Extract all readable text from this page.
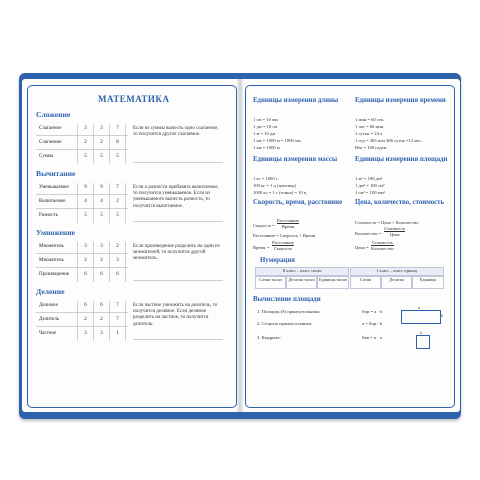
МАТЕМАТИКА
Сложение
Слагаемое	3	3	7
Слагаемое	2	2	8
Сумма	5	5	5
Если из суммы вычесть одно слагаемое, то получится другое слагаемое.
Вычитание
Уменьшаемое	9	9	7
Вычитаемое	4	4	2
Разность	5	5	5
Если к разности прибавить вычитаемое, то получится уменьшаемое. Если из уменьшаемого вычесть разность, то получится вычитаемое.
Умножение
Множитель	3	3	2
Множитель	2	2	3
Произведение	6	6	6
Если произведение разделить на один из множителей, то получится другой множитель.
Деление
Делимое	6	6	7
Делитель	2	2	7
Частное	3	3	1
Если частное умножить на делитель, то получится делимое. Если делимое разделить на частное, то получится делитель.
Единицы измерения длины
1 см = 10 мм
1 дм = 10 см
1 м = 10 дм
1 км = 1000 м = 1000 мм
1 км = 1000 м
Единицы измерения времени
1 мин = 60 сек.
1 час = 60 мин
1 сутки = 24 ч
1 год = 365 или 366 суток =12 мес.
Век = 100 годам
Единицы измерения массы
1 кг = 1000 г
100 кг = 1 ц (центнер)
1000 кг = 1 т (тонна) = 10 ц
Единицы измерения площади
1 м² = 100 дм²
1 дм² = 100 см²
1 см² = 100 мм²
Скорость, время, расстояние
Скорость =
Расстояние
Время
Расстояние = Скорость × Время
Время =
Расстояние
Скорость
Цена, количество, стоимость
Стоимость = Цена × Количество
Количество =
Стоимость
Цена
Цена =
Стоимость
Количество
Нумерация
II класс – класс тысяч	I класс – класс единиц
Сотни тысяч	Десятки тысяч	Единицы тысяч	Сотни	Десятки	Единицы
Вычисление площади
1. Площадь (S) прямоугольника:	Sпр = a · b
2. Сторона прямоугольника:	a = Sпр : b
3. Квадрата:	Sкв = a · a
a
b
a
